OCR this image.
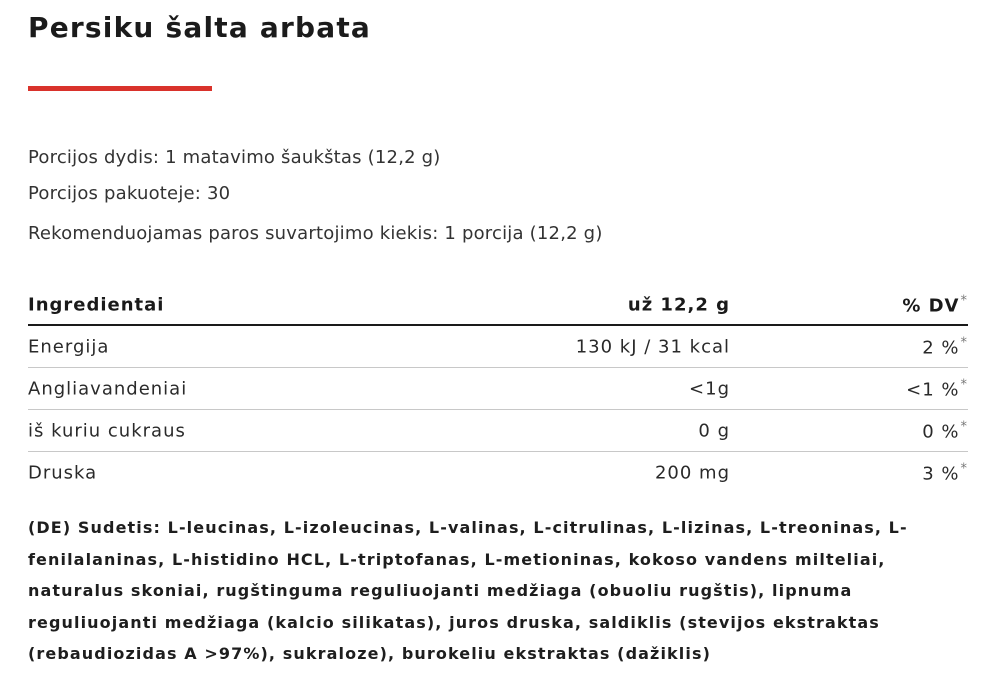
Persiku šalta arbata
Porcijos dydis: 1 matavimo šaukštas (12,2 g)
Porcijos pakuoteje: 30
Rekomenduojamas paros suvartojimo kiekis: 1 porcija (12,2 g)
Ingredientai	už 12,2 g	% DV*
Energija	130 kJ / 31 kcal	2 %*
Angliavandeniai	<1g	<1 %*
iš kuriu cukraus	0 g	0 %*
Druska	200 mg	3 %*

(DE) Sudetis: L-leucinas, L-izoleucinas, L-valinas, L-citrulinas, L-lizinas, L-treoninas, L-fenilalaninas, L-histidino HCL, L-triptofanas, L-metioninas, kokoso vandens milteliai, naturalus skoniai, rugštinguma reguliuojanti medžiaga (obuoliu rugštis), lipnuma reguliuojanti medžiaga (kalcio silikatas), juros druska, saldiklis (stevijos ekstraktas (rebaudiozidas A >97%), sukraloze), burokeliu ekstraktas (dažiklis)
